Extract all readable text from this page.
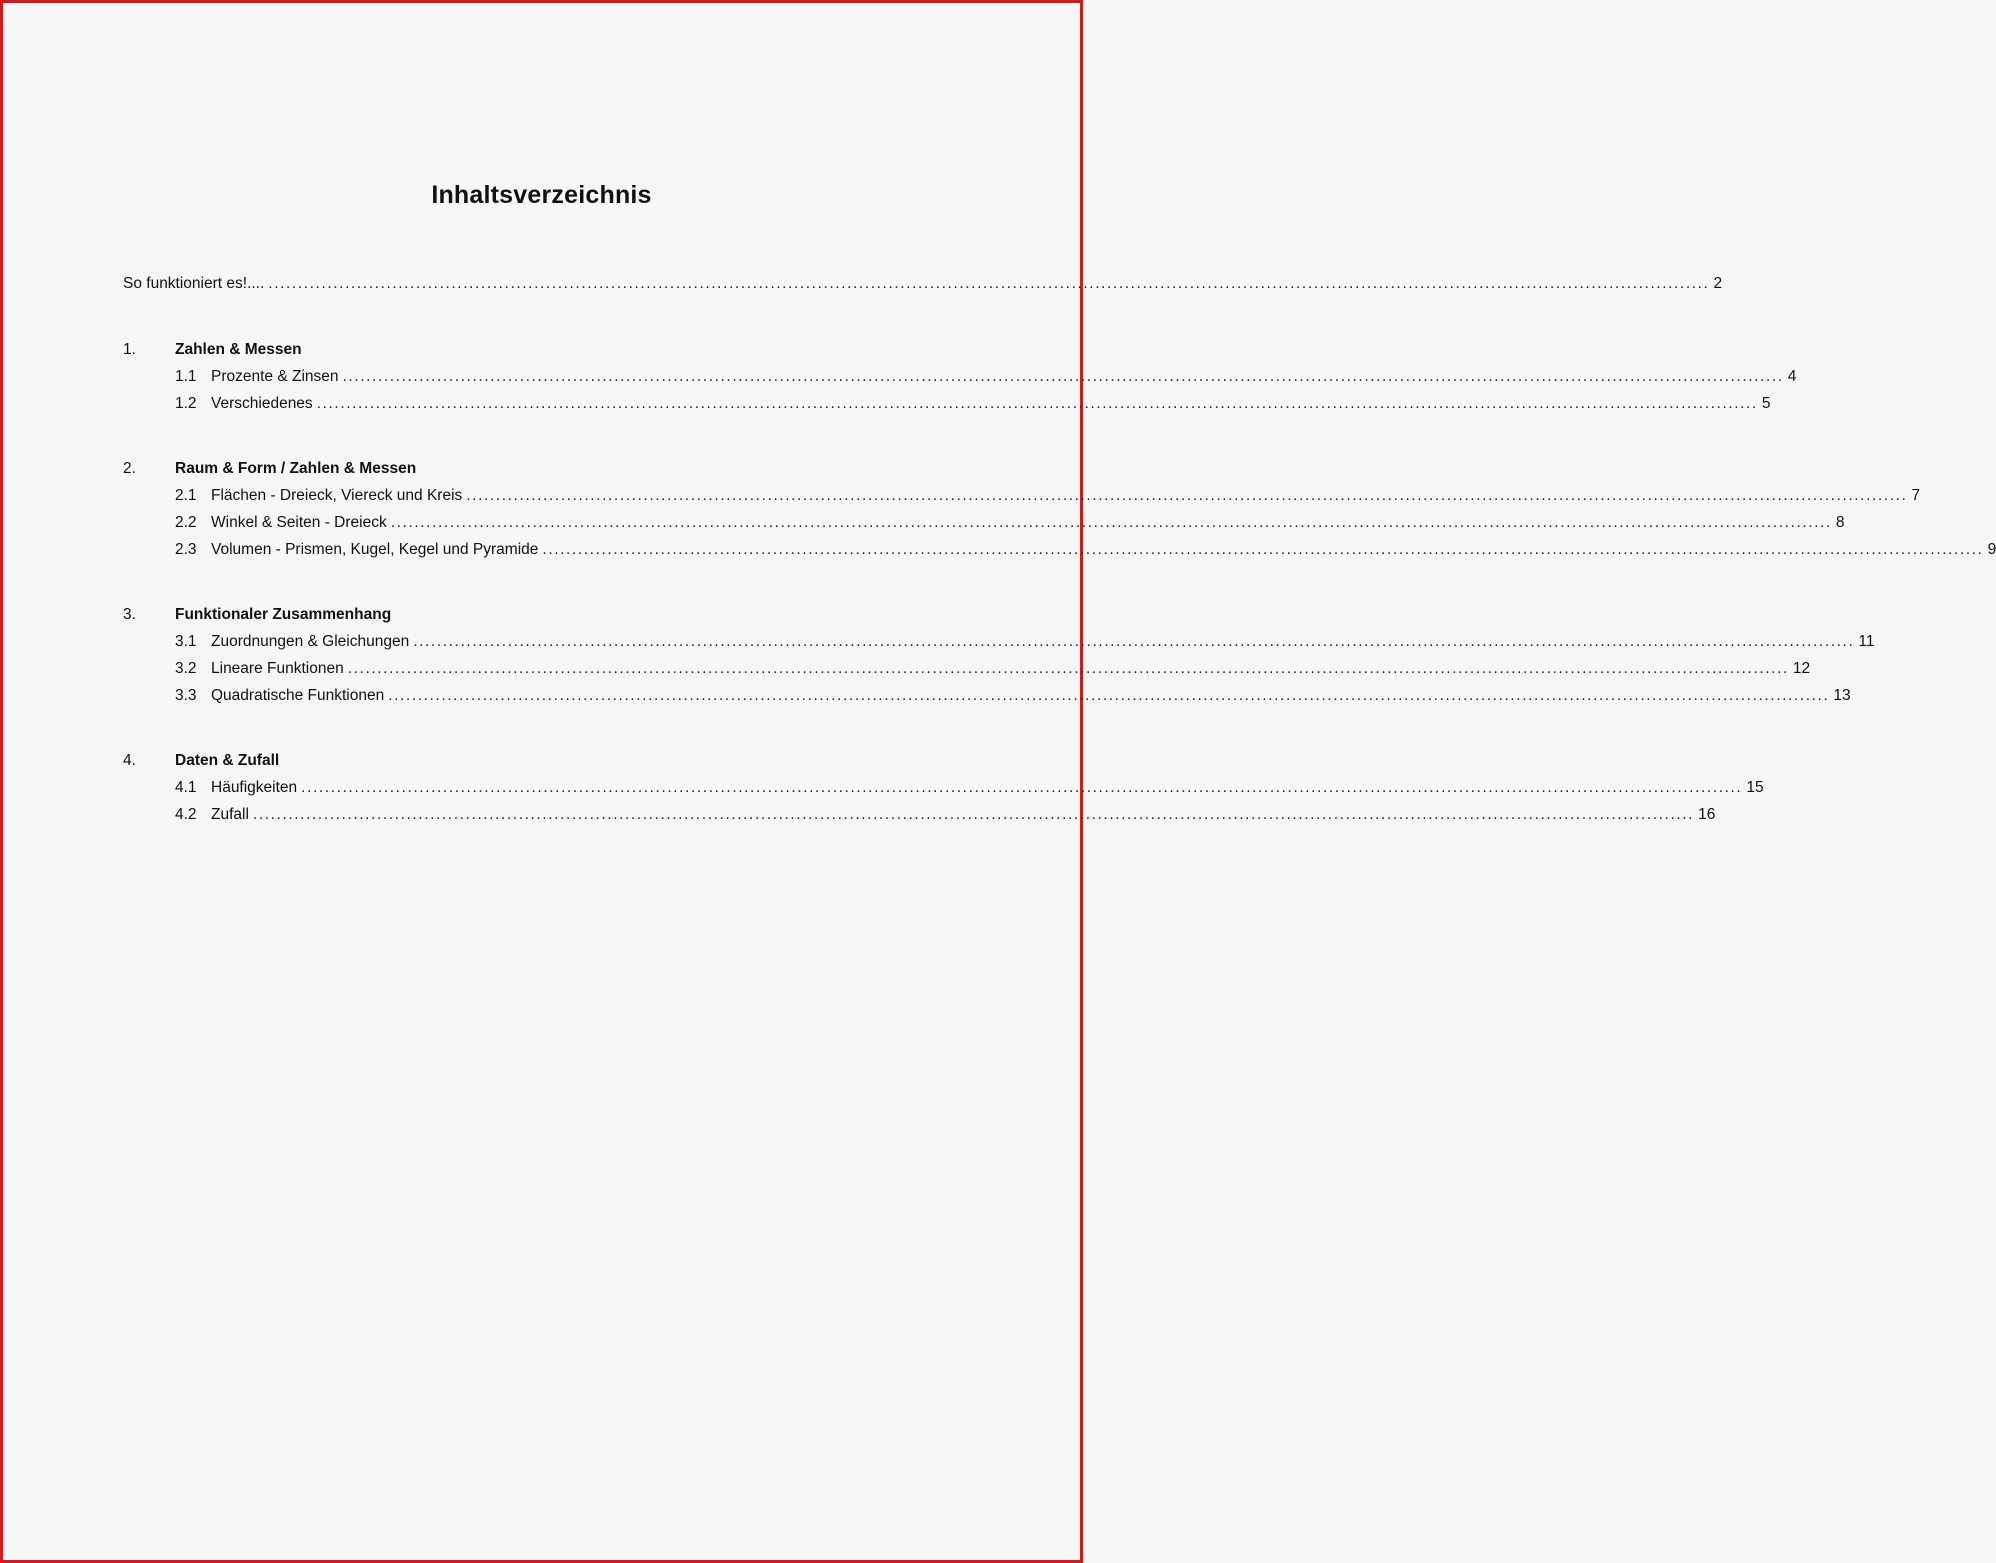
Inhaltsverzeichnis
So funktioniert es!.... .................................................................................................................................................................................................................................................... 2
1.	Zahlen & Messen
1.1 Prozente & Zinsen .................................................................................................................................................................................................................................................... 4
1.2 Verschiedenes .................................................................................................................................................................................................................................................... 5
2.	Raum & Form / Zahlen & Messen
2.1 Flächen - Dreieck, Viereck und Kreis .................................................................................................................................................................................................................................................... 7
2.2 Winkel & Seiten - Dreieck .................................................................................................................................................................................................................................................... 8
2.3 Volumen - Prismen, Kugel, Kegel und Pyramide .................................................................................................................................................................................................................................................... 9
3.	Funktionaler Zusammenhang
3.1 Zuordnungen & Gleichungen .................................................................................................................................................................................................................................................... 11
3.2 Lineare Funktionen .................................................................................................................................................................................................................................................... 12
3.3 Quadratische Funktionen .................................................................................................................................................................................................................................................... 13
4.	Daten & Zufall
4.1 Häufigkeiten .................................................................................................................................................................................................................................................... 15
4.2 Zufall .................................................................................................................................................................................................................................................... 16
